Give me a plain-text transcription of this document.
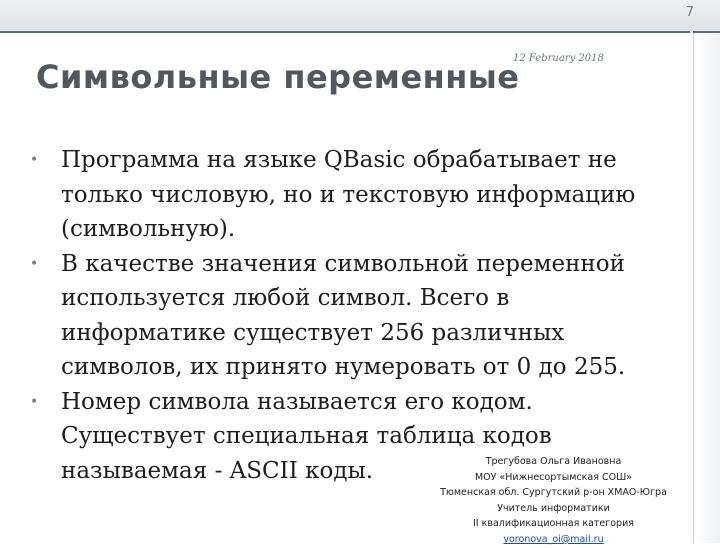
7
12 February 2018
Символьные переменные
• Программа на языке QBasic обрабатывает не
только числовую, но и текстовую информацию
(символьную).
• В качестве значения символьной переменной
используется любой символ. Всего в
информатике существует 256 различных
символов, их принято нумеровать от 0 до 255.
• Номер символа называется его кодом.
Существует специальная таблица кодов
называемая - ASCII коды.	Трегубова Ольга Ивановна
МОУ «Нижнесортымская СОШ»
Тюменская обл. Сургутский р-он ХМАО-Югра
Учитель информатики
II квалификационная категория
voronova_oi@mail.ru
